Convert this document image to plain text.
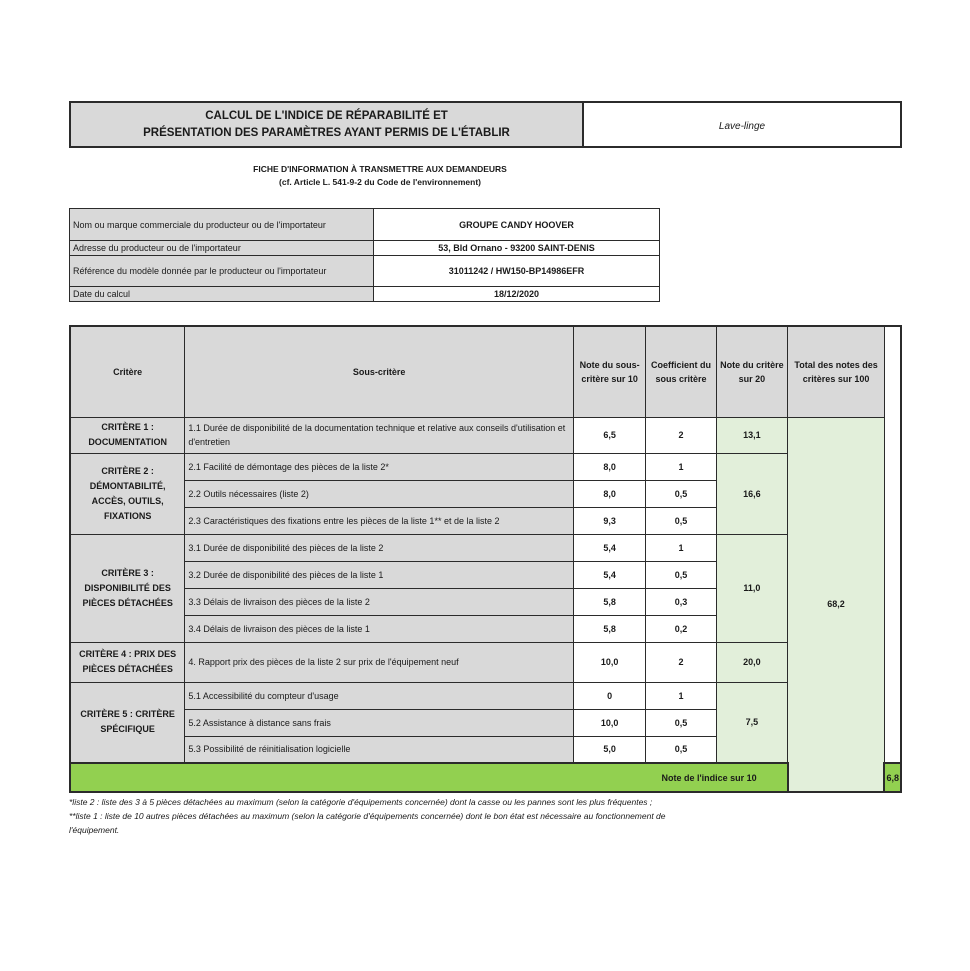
CALCUL DE L'INDICE DE RÉPARABILITÉ ET
PRÉSENTATION DES PARAMÈTRES AYANT PERMIS DE L'ÉTABLIR	Lave-linge
FICHE D'INFORMATION À TRANSMETTRE AUX DEMANDEURS
(cf. Article L. 541-9-2 du Code de l'environnement)
Nom ou marque commerciale du producteur ou de l'importateur	GROUPE CANDY HOOVER
Adresse du producteur ou de l'importateur	53, Bld Ornano - 93200 SAINT-DENIS
Référence du modèle donnée par le producteur ou l'importateur	31011242 / HW150-BP14986EFR
Date du calcul	18/12/2020
Critère	Sous-critère	Note du sous-critère sur 10	Coefficient du sous critère	Note du critère sur 20	Total des notes des critères sur 100	
CRITÈRE 1 : DOCUMENTATION	1.1 Durée de disponibilité de la documentation technique et relative aux conseils d'utilisation et d'entretien	6,5	2	13,1	68,2	
CRITÈRE 2 : DÉMONTABILITÉ, ACCÈS, OUTILS, FIXATIONS	2.1 Facilité de démontage des pièces de la liste 2*	8,0	1	16,6		
	2.2 Outils nécessaires (liste 2)	8,0	0,5			
	2.3 Caractéristiques des fixations entre les pièces de la liste 1** et de la liste 2	9,3	0,5			
CRITÈRE 3 : DISPONIBILITÉ DES PIÈCES DÉTACHÉES	3.1 Durée de disponibilité des pièces de la liste 2	5,4	1	11,0		
	3.2 Durée de disponibilité des pièces de la liste 1	5,4	0,5			
	3.3 Délais de livraison des pièces de la liste 2	5,8	0,3			
	3.4 Délais de livraison des pièces de la liste 1	5,8	0,2			
CRITÈRE 4 : PRIX DES PIÈCES DÉTACHÉES	4. Rapport prix des pièces de la liste 2 sur prix de l'équipement neuf	10,0	2	20,0		
CRITÈRE 5 : CRITÈRE SPÉCIFIQUE	5.1 Accessibilité du compteur d'usage	0	1	7,5		
	5.2 Assistance à distance sans frais	10,0	0,5			
	5.3 Possibilité de réinitialisation logicielle	5,0	0,5			
Note de l'indice sur 10						6,8
*liste 2 : liste des 3 à 5 pièces détachées au maximum (selon la catégorie d'équipements concernée) dont la casse ou les pannes sont les plus fréquentes ;
**liste 1 : liste de 10 autres pièces détachées au maximum (selon la catégorie d'équipements concernée) dont le bon état est nécessaire au fonctionnement de
l'équipement.
